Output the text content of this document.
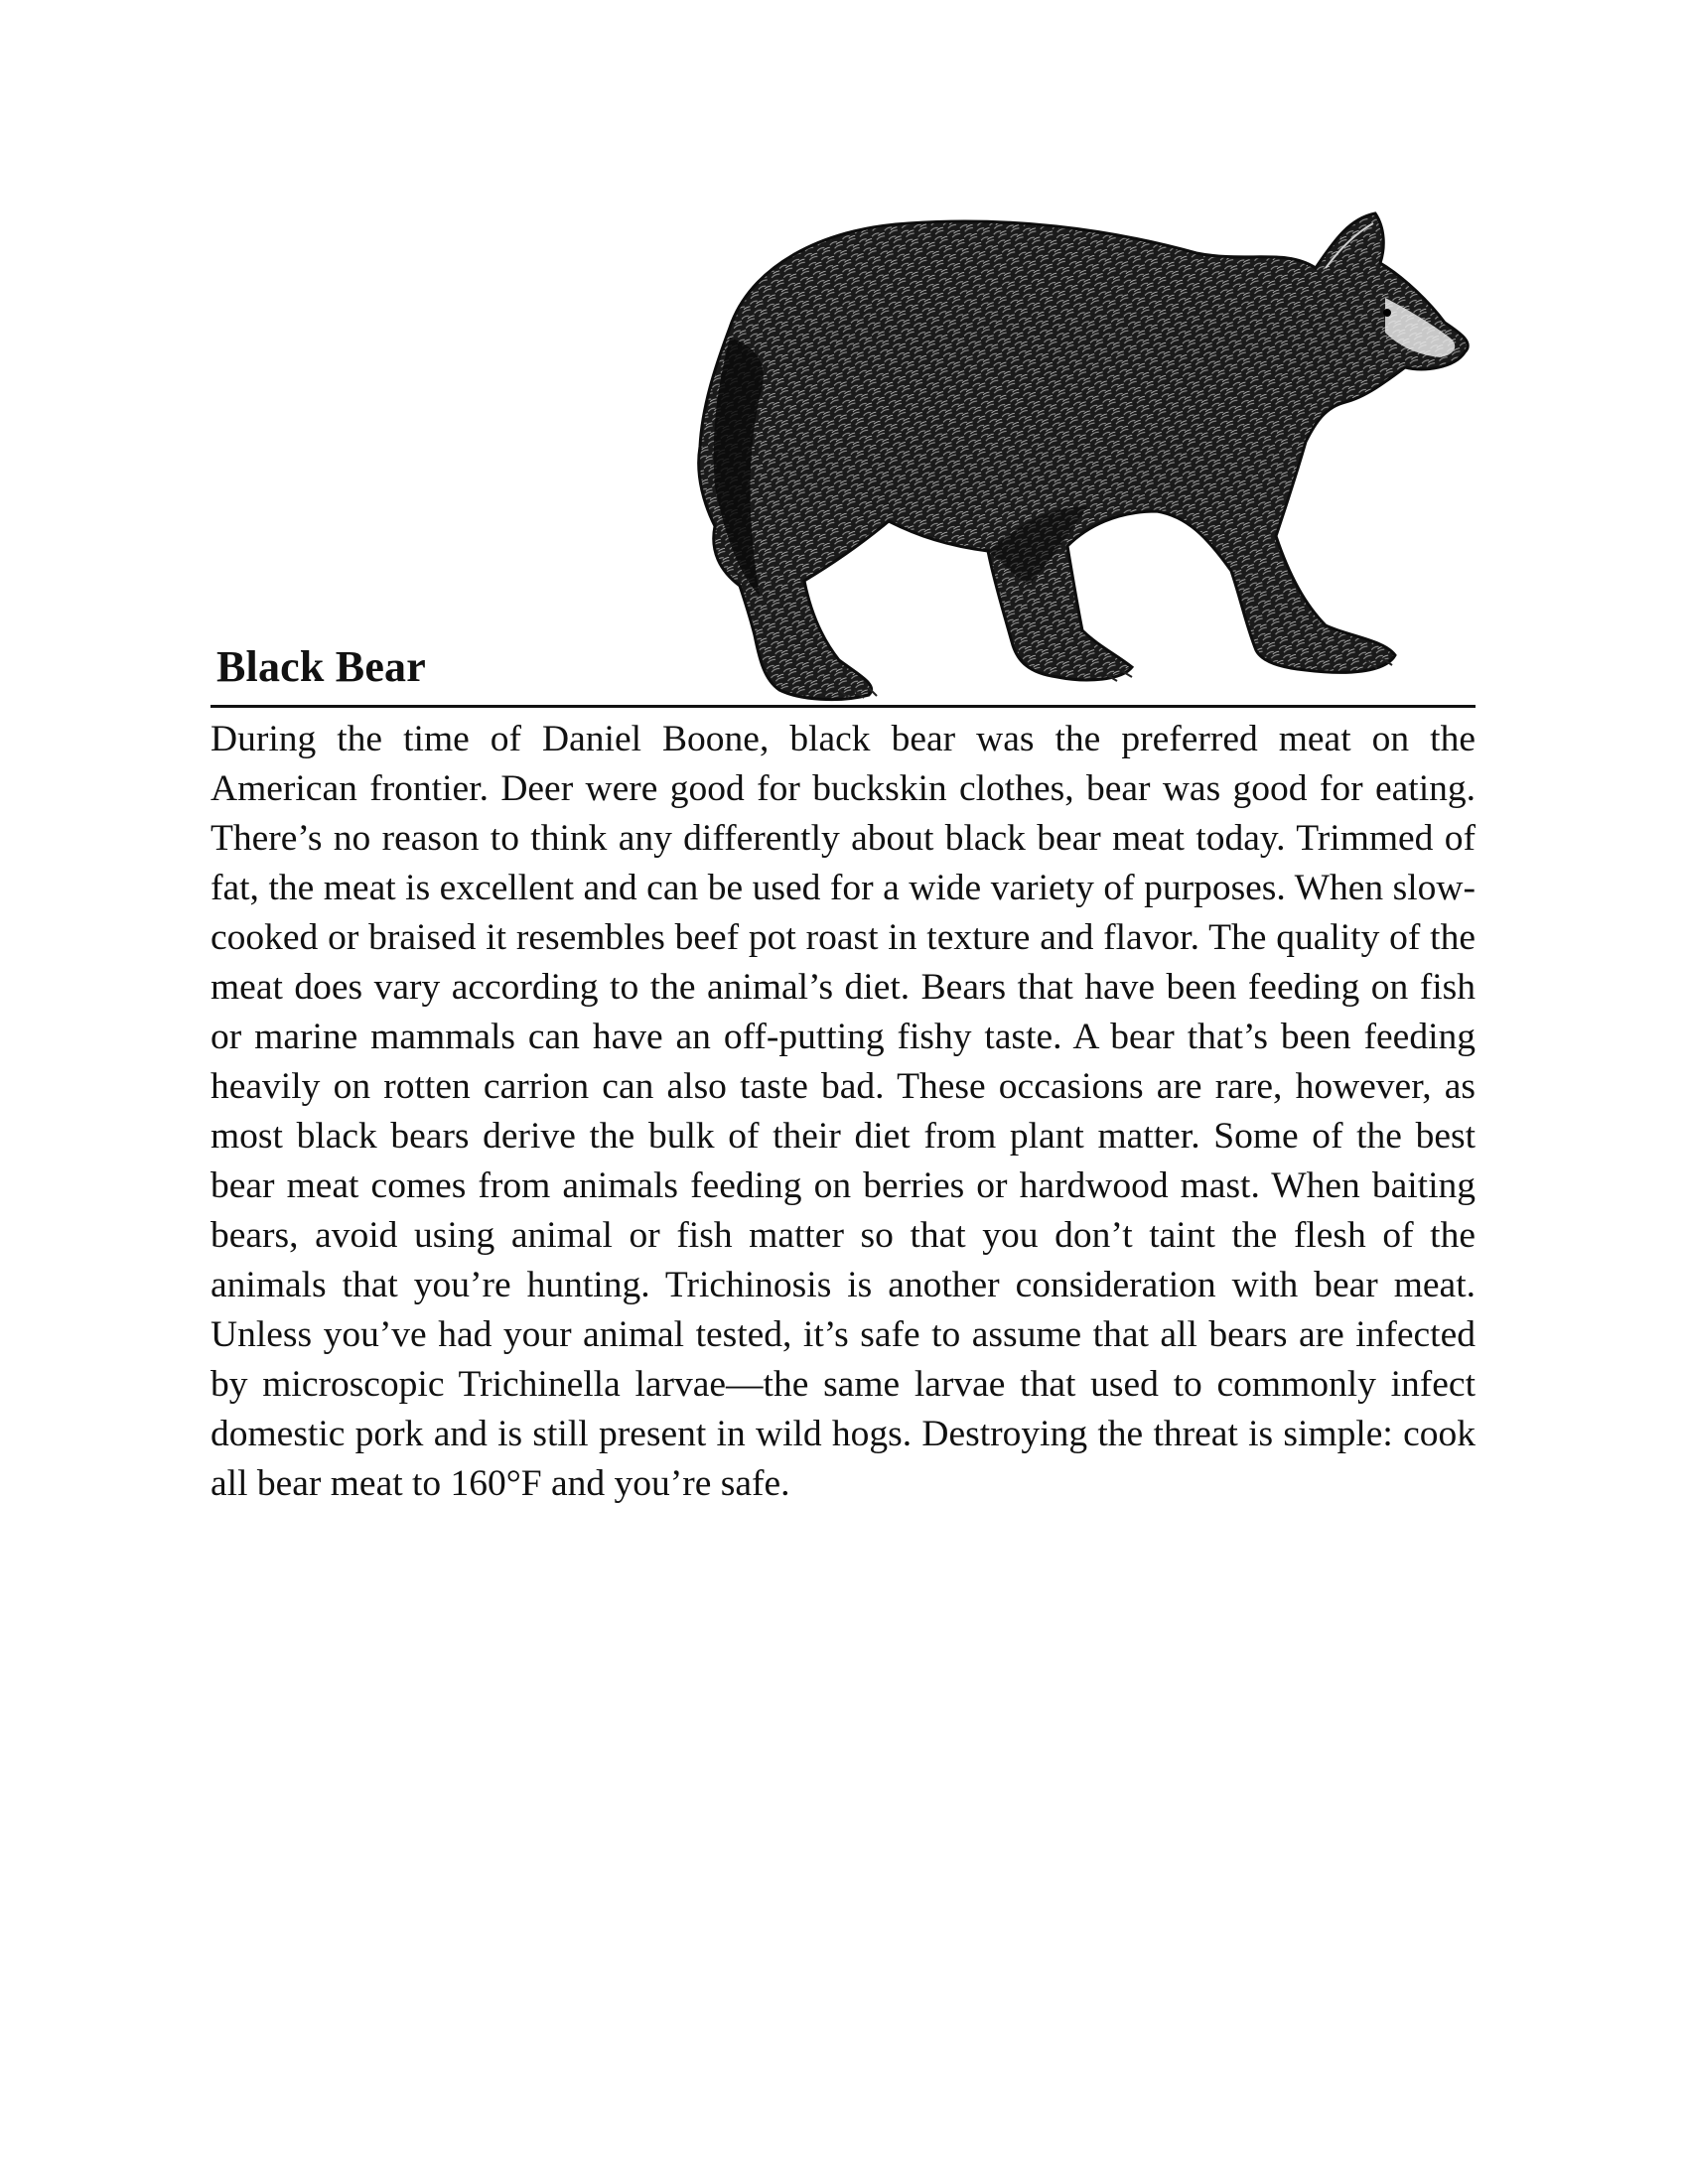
Black Bear

During the time of Daniel Boone, black bear was the preferred meat on the American frontier. Deer were good for buckskin clothes, bear was good for eating. There’s no reason to think any differently about black bear meat today. Trimmed of fat, the meat is excellent and can be used for a wide variety of purposes. When slow-cooked or braised it resembles beef pot roast in texture and flavor. The quality of the meat does vary according to the animal’s diet. Bears that have been feeding on fish or marine mammals can have an off-putting fishy taste. A bear that’s been feeding heavily on rotten carrion can also taste bad. These occasions are rare, however, as most black bears derive the bulk of their diet from plant matter. Some of the best bear meat comes from animals feeding on berries or hardwood mast. When baiting bears, avoid using animal or fish matter so that you don’t taint the flesh of the animals that you’re hunting. Trichinosis is another consideration with bear meat. Unless you’ve had your animal tested, it’s safe to assume that all bears are infected by microscopic Trichinella larvae—the same larvae that used to commonly infect domestic pork and is still present in wild hogs. Destroying the threat is simple: cook all bear meat to 160°F and you’re safe.
